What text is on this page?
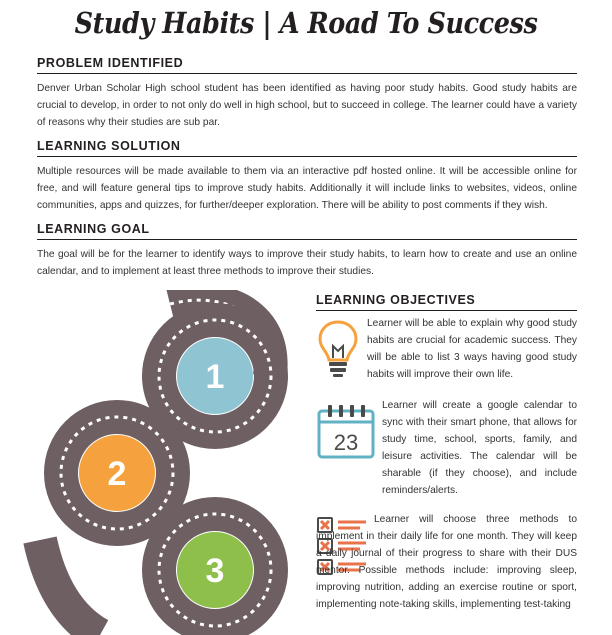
Study Habits | A Road To Success
PROBLEM IDENTIFIED

Denver Urban Scholar High school student has been identified as having poor study habits. Good study habits are crucial to develop, in order to not only do well in high school, but to succeed in college. The learner could have a variety of reasons why their studies are sub par.

LEARNING SOLUTION

Multiple resources will be made available to them via an interactive pdf hosted online. It will be accessible online for free, and will feature general tips to improve study habits. Additionally it will include links to websites, videos, online communities, apps and quizzes, for further/deeper exploration. There will be ability to post comments if they wish.

LEARNING GOAL

The goal will be for the learner to identify ways to improve their study habits, to learn how to create and use an online calendar, and to implement at least three methods to improve their studies.

1
2
3
LEARNING OBJECTIVES

Learner will be able to explain why good study habits are crucial for academic success. They will be able to list 3 ways having good study habits will improve their own life.

23

Learner will create a google calendar to sync with their smart phone, that allows for study time, school, sports, family, and leisure activities. The calendar will be sharable (if they choose), and include reminders/alerts.

Learner will choose three methods to implement in their daily life for one month. They will keep a daily journal of their progress to share with their DUS mentor. Possible methods include: improving sleep, improving nutrition, adding an exercise routine or sport, implementing note-taking skills, implementing test-taking
